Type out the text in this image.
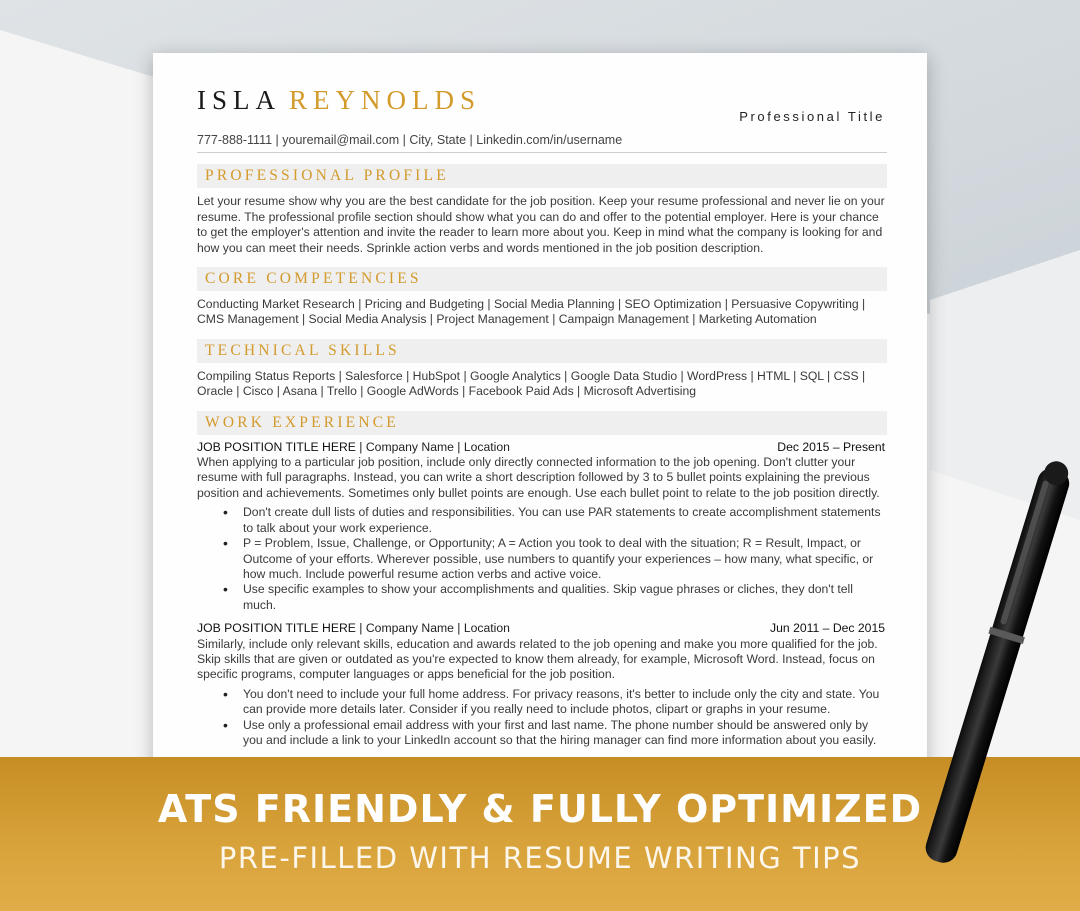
ISLA REYNOLDS
Professional Title
777-888-1111 | youremail@mail.com | City, State | Linkedin.com/in/username
PROFESSIONAL PROFILE
Let your resume show why you are the best candidate for the job position. Keep your resume professional and never lie on your resume. The professional profile section should show what you can do and offer to the potential employer. Here is your chance to get the employer's attention and invite the reader to learn more about you. Keep in mind what the company is looking for and how you can meet their needs. Sprinkle action verbs and words mentioned in the job position description.
CORE COMPETENCIES
Conducting Market Research | Pricing and Budgeting | Social Media Planning | SEO Optimization | Persuasive Copywriting | CMS Management | Social Media Analysis | Project Management | Campaign Management | Marketing Automation
TECHNICAL SKILLS
Compiling Status Reports | Salesforce | HubSpot | Google Analytics | Google Data Studio | WordPress | HTML | SQL | CSS | Oracle | Cisco | Asana | Trello | Google AdWords | Facebook Paid Ads | Microsoft Advertising
WORK EXPERIENCE
JOB POSITION TITLE HERE | Company Name | Location	Dec 2015 – Present
When applying to a particular job position, include only directly connected information to the job opening. Don't clutter your resume with full paragraphs. Instead, you can write a short description followed by 3 to 5 bullet points explaining the previous position and achievements. Sometimes only bullet points are enough. Use each bullet point to relate to the job position directly.
• Don't create dull lists of duties and responsibilities. You can use PAR statements to create accomplishment statements to talk about your work experience.
• P = Problem, Issue, Challenge, or Opportunity; A = Action you took to deal with the situation; R = Result, Impact, or Outcome of your efforts. Wherever possible, use numbers to quantify your experiences – how many, what specific, or how much. Include powerful resume action verbs and active voice.
• Use specific examples to show your accomplishments and qualities. Skip vague phrases or cliches, they don't tell much.
JOB POSITION TITLE HERE | Company Name | Location	Jun 2011 – Dec 2015
Similarly, include only relevant skills, education and awards related to the job opening and make you more qualified for the job. Skip skills that are given or outdated as you're expected to know them already, for example, Microsoft Word. Instead, focus on specific programs, computer languages or apps beneficial for the job position.
• You don't need to include your full home address. For privacy reasons, it's better to include only the city and state. You can provide more details later. Consider if you really need to include photos, clipart or graphs in your resume.
• Use only a professional email address with your first and last name. The phone number should be answered only by you and include a link to your LinkedIn account so that the hiring manager can find more information about you easily.
ATS FRIENDLY & FULLY OPTIMIZED
PRE-FILLED WITH RESUME WRITING TIPS
